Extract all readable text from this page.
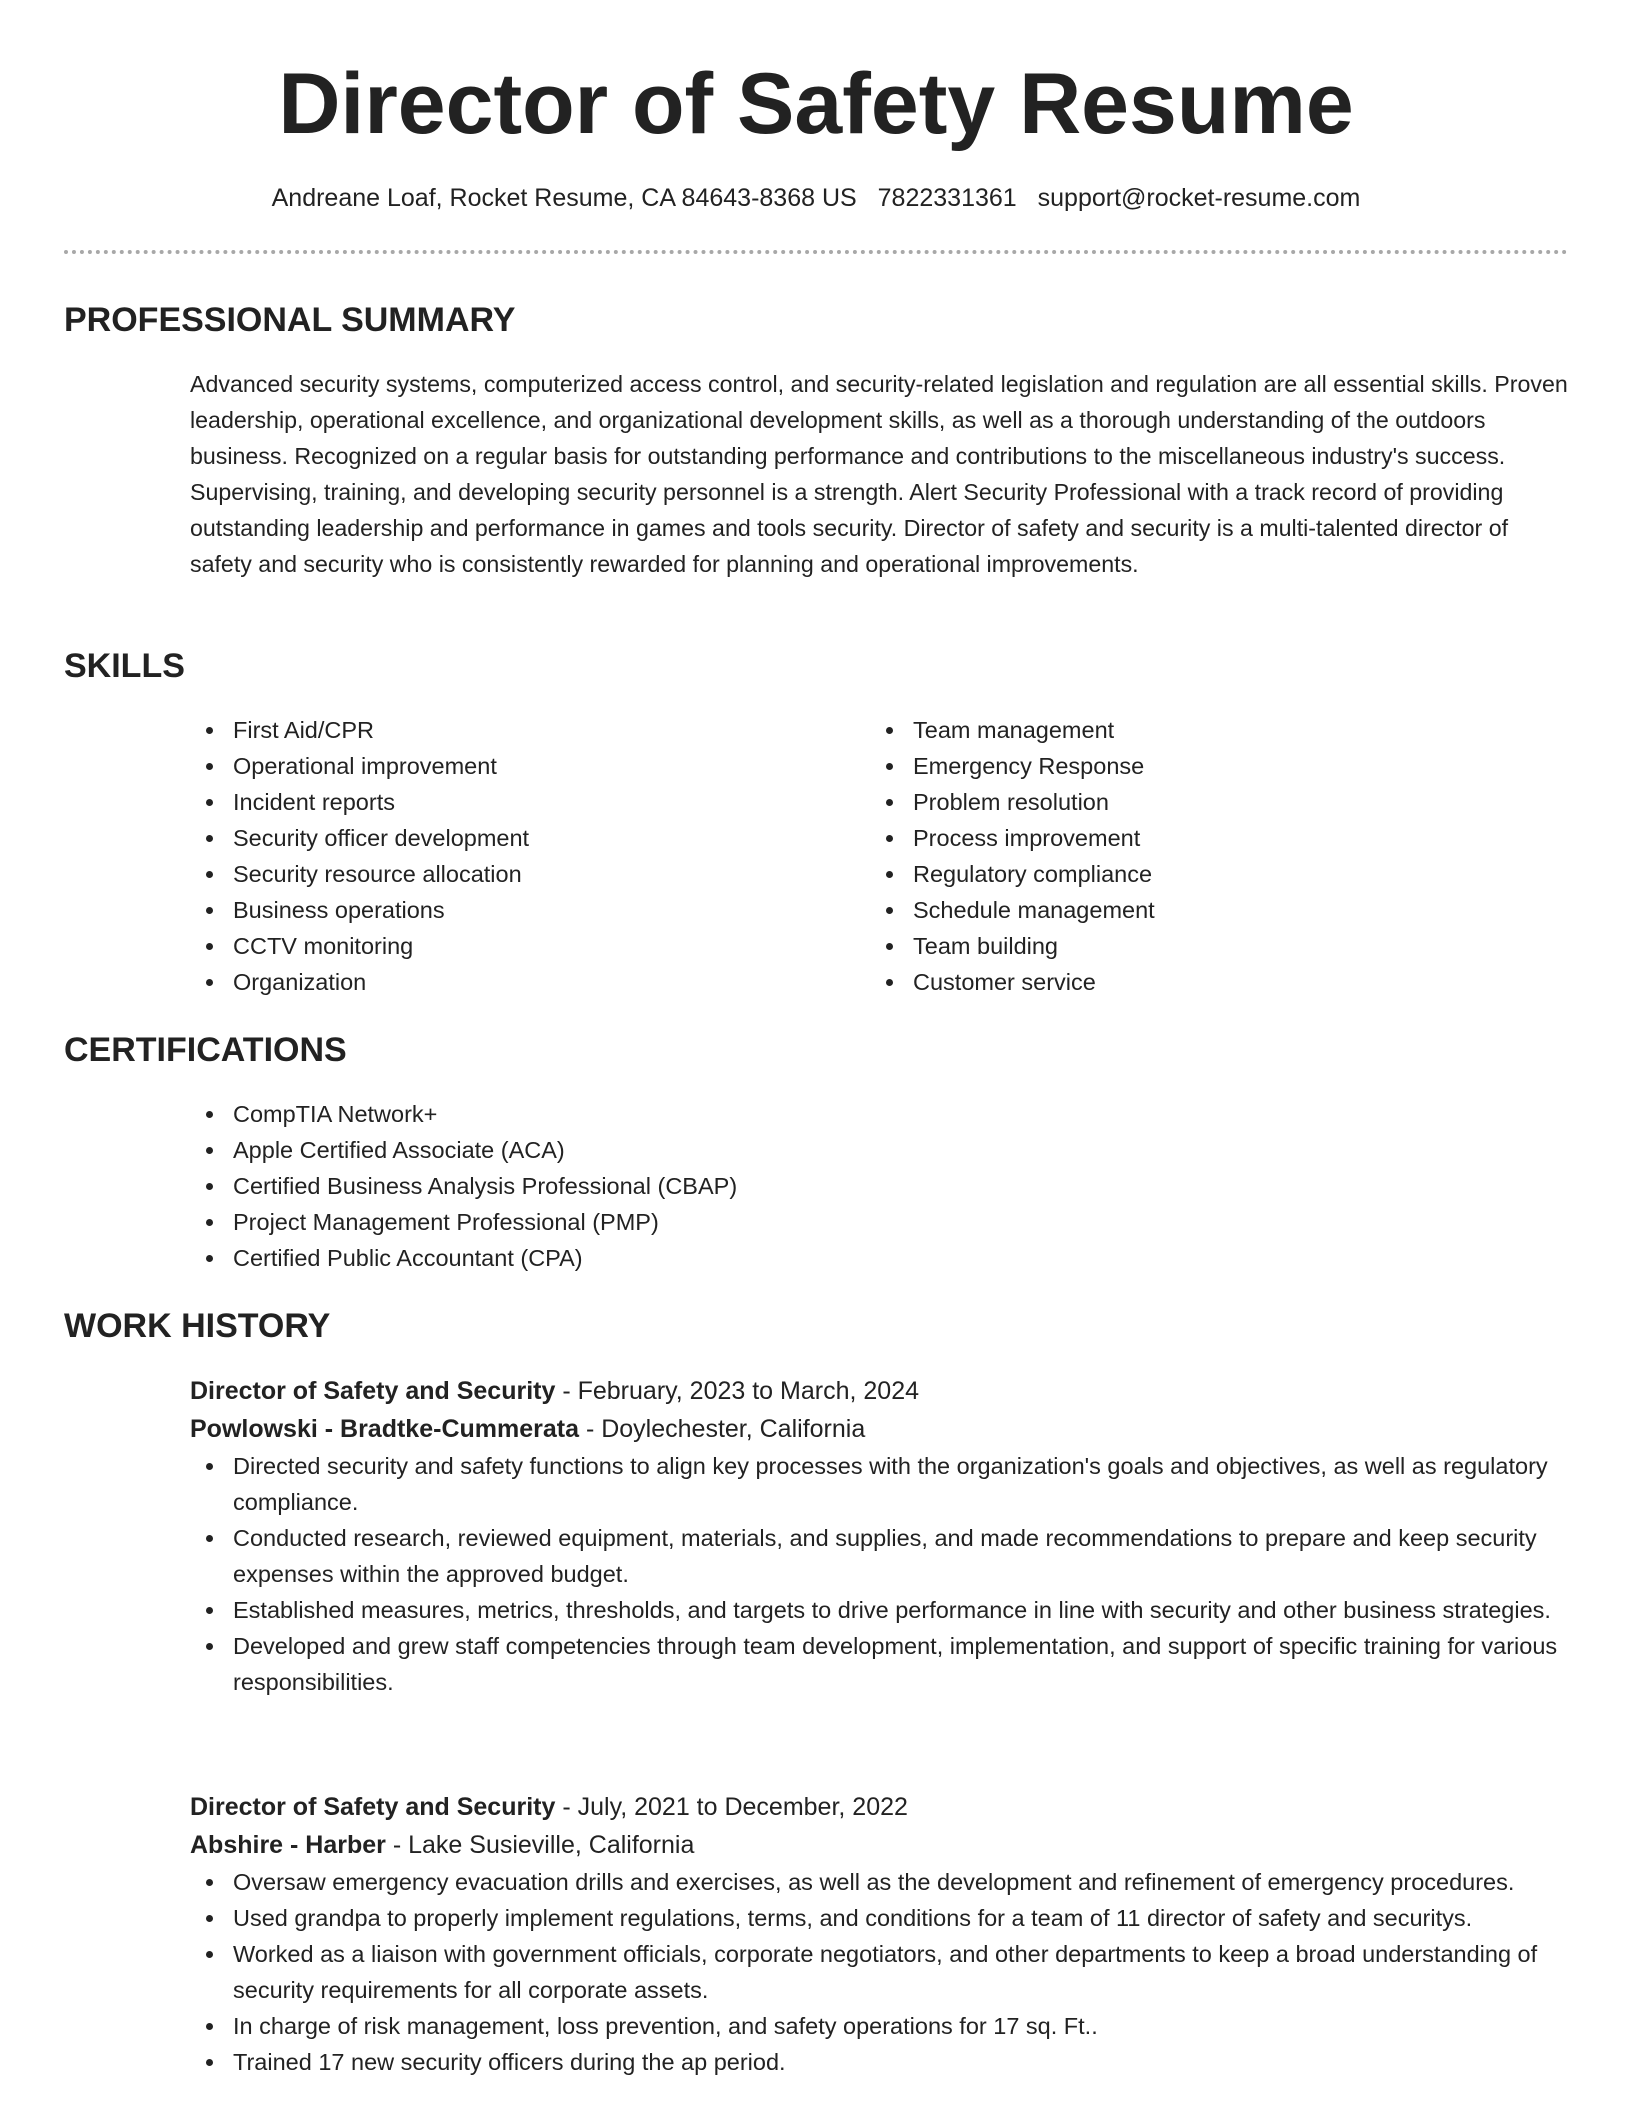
Director of Safety Resume
Andreane Loaf, Rocket Resume, CA 84643-8368 US 7822331361 support@rocket-resume.com
PROFESSIONAL SUMMARY

Advanced security systems, computerized access control, and security-related legislation and regulation are all essential skills. Proven leadership, operational excellence, and organizational development skills, as well as a thorough understanding of the outdoors business. Recognized on a regular basis for outstanding performance and contributions to the miscellaneous industry's success. Supervising, training, and developing security personnel is a strength. Alert Security Professional with a track record of providing outstanding leadership and performance in games and tools security. Director of safety and security is a multi-talented director of safety and security who is consistently rewarded for planning and operational improvements.

SKILLS
First Aid/CPR
Operational improvement
Incident reports
Security officer development
Security resource allocation
Business operations
CCTV monitoring
Organization
Team management
Emergency Response
Problem resolution
Process improvement
Regulatory compliance
Schedule management
Team building
Customer service
CERTIFICATIONS
CompTIA Network+
Apple Certified Associate (ACA)
Certified Business Analysis Professional (CBAP)
Project Management Professional (PMP)
Certified Public Accountant (CPA)
WORK HISTORY

Director of Safety and Security - February, 2023 to March, 2024

Powlowski - Bradtke-Cummerata - Doylechester, California

Directed security and safety functions to align key processes with the organization's goals and objectives, as well as regulatory compliance.
Conducted research, reviewed equipment, materials, and supplies, and made recommendations to prepare and keep security expenses within the approved budget.
Established measures, metrics, thresholds, and targets to drive performance in line with security and other business strategies.
Developed and grew staff competencies through team development, implementation, and support of specific training for various responsibilities.

Director of Safety and Security - July, 2021 to December, 2022

Abshire - Harber - Lake Susieville, California

Oversaw emergency evacuation drills and exercises, as well as the development and refinement of emergency procedures.
Used grandpa to properly implement regulations, terms, and conditions for a team of 11 director of safety and securitys.
Worked as a liaison with government officials, corporate negotiators, and other departments to keep a broad understanding of security requirements for all corporate assets.
In charge of risk management, loss prevention, and safety operations for 17 sq. Ft..
Trained 17 new security officers during the ap period.
